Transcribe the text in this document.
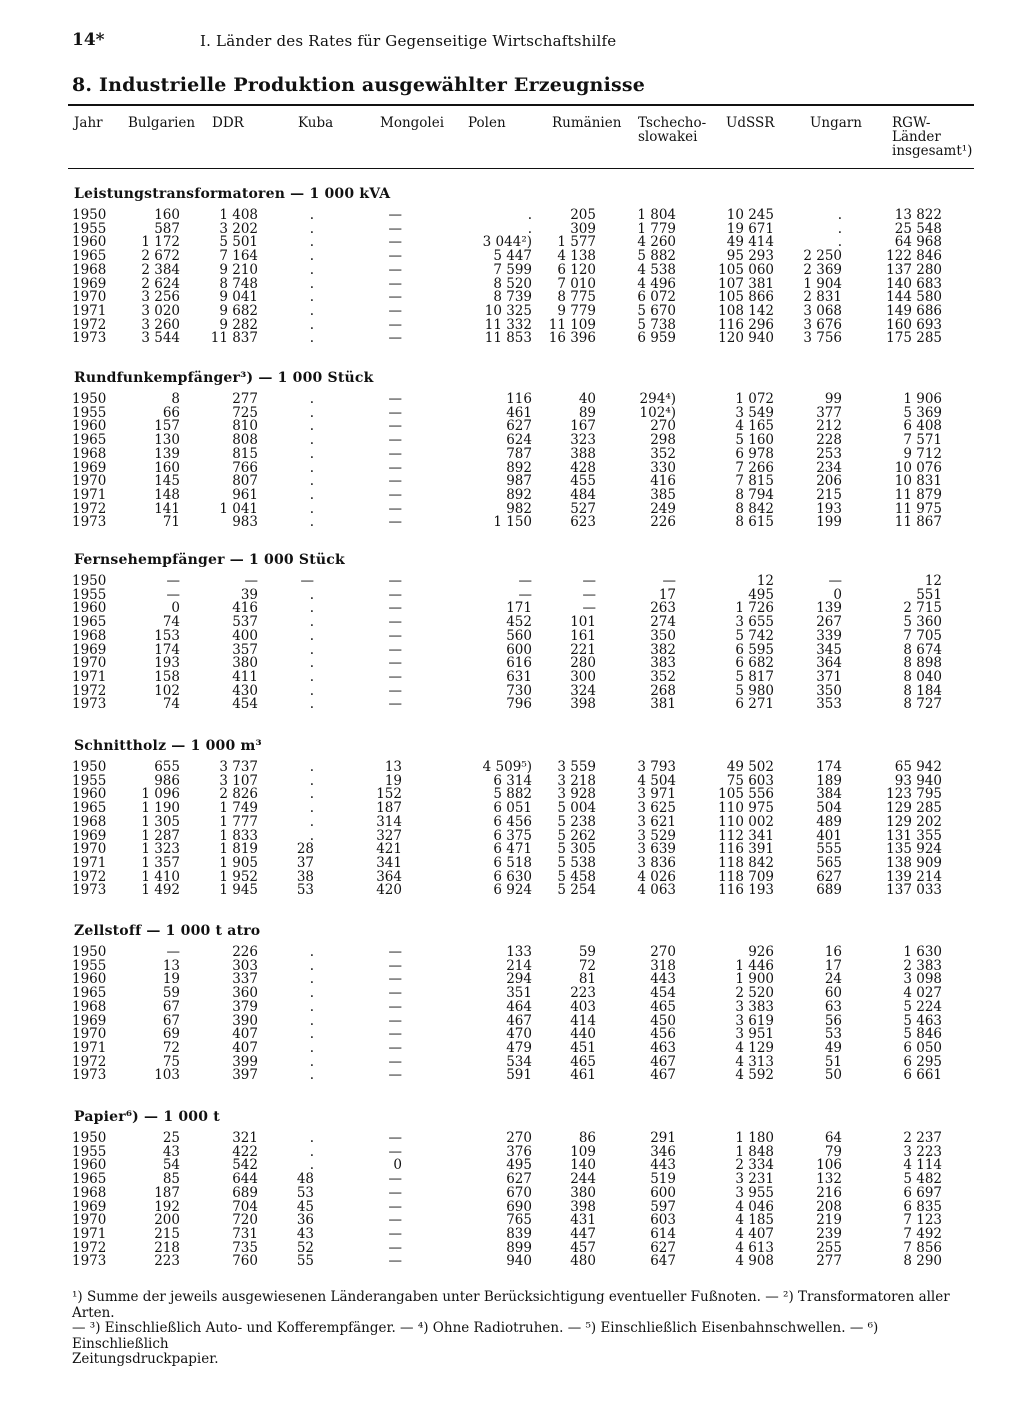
14*	I. Länder des Rates für Gegenseitige Wirtschaftshilfe
8. Industrielle Produktion ausgewählter Erzeugnisse
Jahr Bulgarien DDR	Kuba	Mongolei Polen	Rumänien Tschecho-
slowakei
UdSSR	Ungarn RGW-
Länder
insgesamt¹)
Leistungstransformatoren — 1 000 kVA
1950	160	1 408	.	—	.	205	1 804	10 245	.	13 822
1955	587	3 202	.	—	.	309	1 779	19 671	.	25 548
1960	1 172	5 501	.	—	3 044²)	1 577	4 260	49 414	.	64 968
1965	2 672	7 164	.	—	5 447	4 138	5 882	95 293	2 250	122 846
1968	2 384	9 210	.	—	7 599	6 120	4 538	105 060	2 369	137 280
1969	2 624	8 748	.	—	8 520	7 010	4 496	107 381	1 904	140 683
1970	3 256	9 041	.	—	8 739	8 775	6 072	105 866	2 831	144 580
1971	3 020	9 682	.	—	10 325	9 779	5 670	108 142	3 068	149 686
1972	3 260	9 282	.	—	11 332	11 109	5 738	116 296	3 676	160 693
1973	3 544	11 837	.	—	11 853	16 396	6 959	120 940	3 756	175 285
Rundfunkempfänger³) — 1 000 Stück
1950	8	277	.	—	116	40	294⁴)	1 072	99	1 906
1955	66	725	.	—	461	89	102⁴)	3 549	377	5 369
1960	157	810	.	—	627	167	270	4 165	212	6 408
1965	130	808	.	—	624	323	298	5 160	228	7 571
1968	139	815	.	—	787	388	352	6 978	253	9 712
1969	160	766	.	—	892	428	330	7 266	234	10 076
1970	145	807	.	—	987	455	416	7 815	206	10 831
1971	148	961	.	—	892	484	385	8 794	215	11 879
1972	141	1 041	.	—	982	527	249	8 842	193	11 975
1973	71	983	.	—	1 150	623	226	8 615	199	11 867
Fernsehempfänger — 1 000 Stück
1950	—	—	—	—	—	—	—	12	—	12
1955	—	39	.	—	—	—	17	495	0	551
1960	0	416	.	—	171	—	263	1 726	139	2 715
1965	74	537	.	—	452	101	274	3 655	267	5 360
1968	153	400	.	—	560	161	350	5 742	339	7 705
1969	174	357	.	—	600	221	382	6 595	345	8 674
1970	193	380	.	—	616	280	383	6 682	364	8 898
1971	158	411	.	—	631	300	352	5 817	371	8 040
1972	102	430	.	—	730	324	268	5 980	350	8 184
1973	74	454	.	—	796	398	381	6 271	353	8 727
Schnittholz — 1 000 m³
1950	655	3 737	.	13	4 509⁵)	3 559	3 793	49 502	174	65 942
1955	986	3 107	.	19	6 314	3 218	4 504	75 603	189	93 940
1960	1 096	2 826	.	152	5 882	3 928	3 971	105 556	384	123 795
1965	1 190	1 749	.	187	6 051	5 004	3 625	110 975	504	129 285
1968	1 305	1 777	.	314	6 456	5 238	3 621	110 002	489	129 202
1969	1 287	1 833	.	327	6 375	5 262	3 529	112 341	401	131 355
1970	1 323	1 819	28	421	6 471	5 305	3 639	116 391	555	135 924
1971	1 357	1 905	37	341	6 518	5 538	3 836	118 842	565	138 909
1972	1 410	1 952	38	364	6 630	5 458	4 026	118 709	627	139 214
1973	1 492	1 945	53	420	6 924	5 254	4 063	116 193	689	137 033
Zellstoff — 1 000 t atro
1950	—	226	.	—	133	59	270	926	16	1 630
1955	13	303	.	—	214	72	318	1 446	17	2 383
1960	19	337	.	—	294	81	443	1 900	24	3 098
1965	59	360	.	—	351	223	454	2 520	60	4 027
1968	67	379	.	—	464	403	465	3 383	63	5 224
1969	67	390	.	—	467	414	450	3 619	56	5 463
1970	69	407	.	—	470	440	456	3 951	53	5 846
1971	72	407	.	—	479	451	463	4 129	49	6 050
1972	75	399	.	—	534	465	467	4 313	51	6 295
1973	103	397	.	—	591	461	467	4 592	50	6 661
Papier⁶) — 1 000 t
1950	25	321	.	—	270	86	291	1 180	64	2 237
1955	43	422	.	—	376	109	346	1 848	79	3 223
1960	54	542	.	0	495	140	443	2 334	106	4 114
1965	85	644	48	—	627	244	519	3 231	132	5 482
1968	187	689	53	—	670	380	600	3 955	216	6 697
1969	192	704	45	—	690	398	597	4 046	208	6 835
1970	200	720	36	—	765	431	603	4 185	219	7 123
1971	215	731	43	—	839	447	614	4 407	239	7 492
1972	218	735	52	—	899	457	627	4 613	255	7 856
1973	223	760	55	—	940	480	647	4 908	277	8 290

¹) Summe der jeweils ausgewiesenen Länderangaben unter Berücksichtigung eventueller Fußnoten. — ²) Transformatoren aller Arten.

— ³) Einschließlich Auto- und Kofferempfänger. — ⁴) Ohne Radiotruhen. — ⁵) Einschließlich Eisenbahnschwellen. — ⁶) Einschließlich

Zeitungsdruckpapier.
